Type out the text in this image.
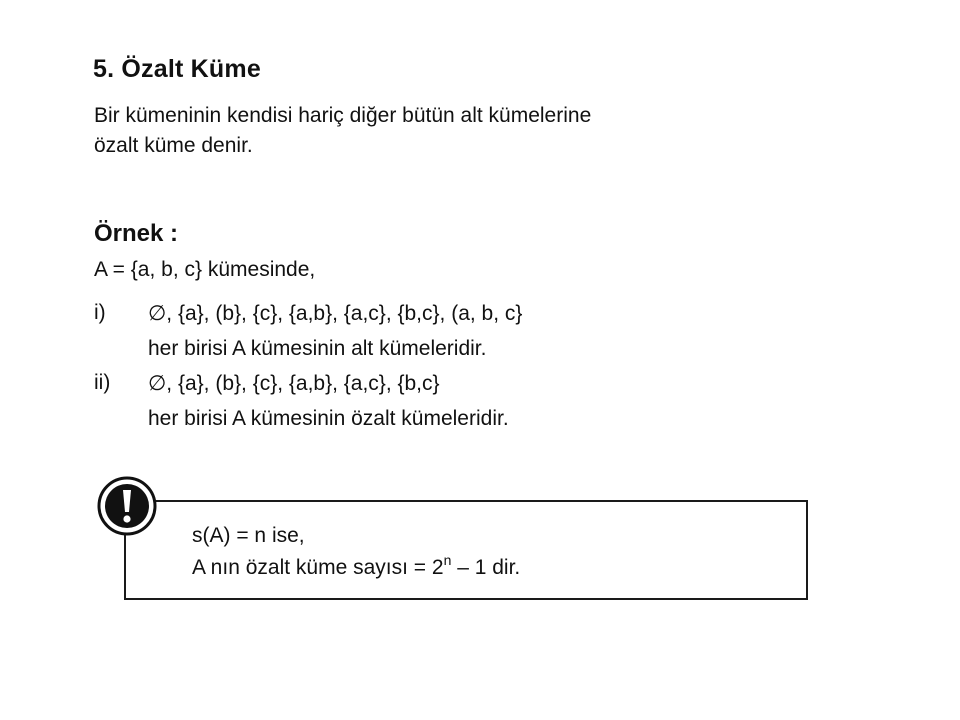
5. Özalt Küme
Bir kümeninin kendisi hariç diğer bütün alt kümelerine
özalt küme denir.
Örnek :
A = {a, b, c} kümesinde,
i) ∅, {a}, (b}, {c}, {a,b}, {a,c}, {b,c}, (a, b, c}
her birisi A kümesinin alt kümeleridir.
ii) ∅, {a}, (b}, {c}, {a,b}, {a,c}, {b,c}
her birisi A kümesinin özalt kümeleridir.
s(A) = n ise,
A nın özalt küme sayısı = $2^n - 1$ dir.
